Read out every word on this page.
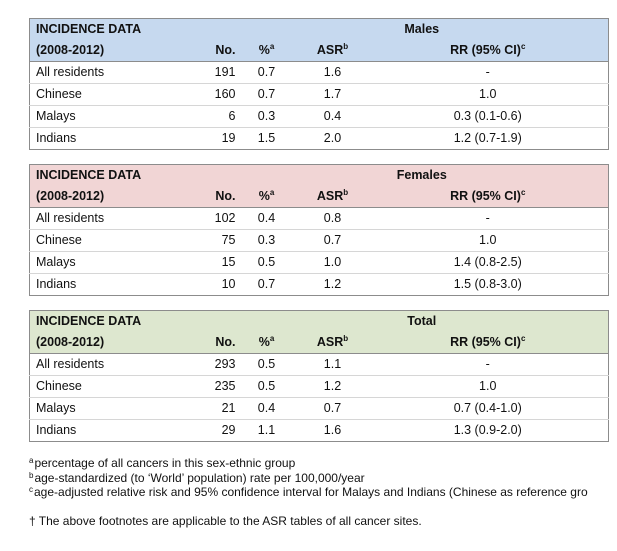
INCIDENCE DATA		Males		
(2008-2012)	No.	%$^a$	ASR$^b$	RR (95% CI)$^c$
All residents	191	0.7	1.6	-
Chinese	160	0.7	1.7	1.0
Malays	6	0.3	0.4	0.3 (0.1-0.6)
Indians	19	1.5	2.0	1.2 (0.7-1.9)
INCIDENCE DATA		Females		
(2008-2012)	No.	%$^a$	ASR$^b$	RR (95% CI)$^c$
All residents	102	0.4	0.8	-
Chinese	75	0.3	0.7	1.0
Malays	15	0.5	1.0	1.4 (0.8-2.5)
Indians	10	0.7	1.2	1.5 (0.8-3.0)
INCIDENCE DATA		Total		
(2008-2012)	No.	%$^a$	ASR$^b$	RR (95% CI)$^c$
All residents	293	0.5	1.1	-
Chinese	235	0.5	1.2	1.0
Malays	21	0.4	0.7	0.7 (0.4-1.0)
Indians	29	1.1	1.6	1.3 (0.9-2.0)
$^a$percentage of all cancers in this sex-ethnic group
$^b$age-standardized (to ‘World’ population) rate per 100,000/year
$^c$age-adjusted relative risk and 95% confidence interval for Malays and Indians (Chinese as reference gro
† The above footnotes are applicable to the ASR tables of all cancer sites.
